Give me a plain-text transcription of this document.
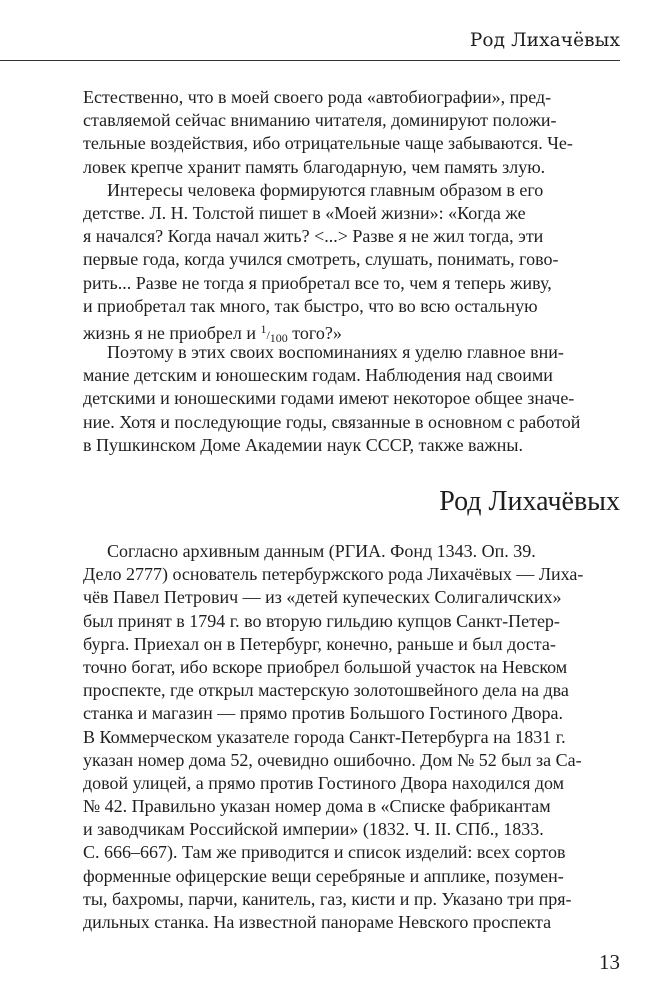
Род Лихачёвых
Естественно, что в моей своего рода «автобиографии», пред-
ставляемой сейчас вниманию читателя, доминируют положи-
тельные воздействия, ибо отрицательные чаще забываются. Че-
ловек крепче хранит память благодарную, чем память злую.
Интересы человека формируются главным образом в его
детстве. Л. Н. Толстой пишет в «Моей жизни»: «Когда же
я начался? Когда начал жить? <...> Разве я не жил тогда, эти
первые года, когда учился смотреть, слушать, понимать, гово-
рить... Разве не тогда я приобретал все то, чем я теперь живу,
и приобретал так много, так быстро, что во всю остальную
жизнь я не приобрел и 1/100 того?»
Поэтому в этих своих воспоминаниях я уделю главное вни-
мание детским и юношеским годам. Наблюдения над своими
детскими и юношескими годами имеют некоторое общее значе-
ние. Хотя и последующие годы, связанные в основном с работой
в Пушкинском Доме Академии наук СССР, также важны.
Род Лихачёвых
Согласно архивным данным (РГИА. Фонд 1343. Оп. 39.
Дело 2777) основатель петербуржского рода Лихачёвых — Лиха-
чёв Павел Петрович — из «детей купеческих Солигаличских»
был принят в 1794 г. во вторую гильдию купцов Санкт-Петер-
бурга. Приехал он в Петербург, конечно, раньше и был доста-
точно богат, ибо вскоре приобрел большой участок на Невском
проспекте, где открыл мастерскую золотошвейного дела на два
станка и магазин — прямо против Большого Гостиного Двора.
В Коммерческом указателе города Санкт-Петербурга на 1831 г.
указан номер дома 52, очевидно ошибочно. Дом № 52 был за Са-
довой улицей, а прямо против Гостиного Двора находился дом
№ 42. Правильно указан номер дома в «Списке фабрикантам
и заводчикам Российской империи» (1832. Ч. II. СПб., 1833.
С. 666–667). Там же приводится и список изделий: всех сортов
форменные офицерские вещи серебряные и апплике, позумен-
ты, бахромы, парчи, канитель, газ, кисти и пр. Указано три пря-
дильных станка. На известной панораме Невского проспекта
13
